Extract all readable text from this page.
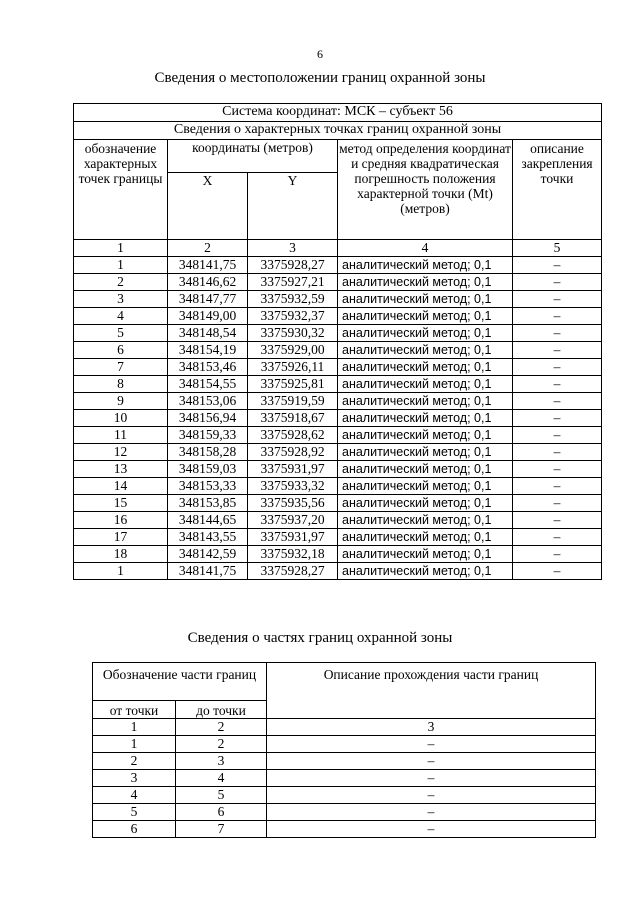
6
Сведения о местоположении границ охранной зоны
Система координат: МСК – субъект 56				
Сведения о характерных точках границ охранной зоны				
обозначение характерных точек границы	координаты (метров)		метод определения координат и средняя квадратическая погрешность положения характерной точки (Mt) (метров)	описание закрепления точки
	X	Y		
1	2	3	4	5
1	348141,75	3375928,27	аналитический метод; 0,1	–
2	348146,62	3375927,21	аналитический метод; 0,1	–
3	348147,77	3375932,59	аналитический метод; 0,1	–
4	348149,00	3375932,37	аналитический метод; 0,1	–
5	348148,54	3375930,32	аналитический метод; 0,1	–
6	348154,19	3375929,00	аналитический метод; 0,1	–
7	348153,46	3375926,11	аналитический метод; 0,1	–
8	348154,55	3375925,81	аналитический метод; 0,1	–
9	348153,06	3375919,59	аналитический метод; 0,1	–
10	348156,94	3375918,67	аналитический метод; 0,1	–
11	348159,33	3375928,62	аналитический метод; 0,1	–
12	348158,28	3375928,92	аналитический метод; 0,1	–
13	348159,03	3375931,97	аналитический метод; 0,1	–
14	348153,33	3375933,32	аналитический метод; 0,1	–
15	348153,85	3375935,56	аналитический метод; 0,1	–
16	348144,65	3375937,20	аналитический метод; 0,1	–
17	348143,55	3375931,97	аналитический метод; 0,1	–
18	348142,59	3375932,18	аналитический метод; 0,1	–
1	348141,75	3375928,27	аналитический метод; 0,1	–
Сведения о частях границ охранной зоны
Обозначение части границ		Описание прохождения части границ
от точки	до точки	
1	2	3
1	2	–
2	3	–
3	4	–
4	5	–
5	6	–
6	7	–
